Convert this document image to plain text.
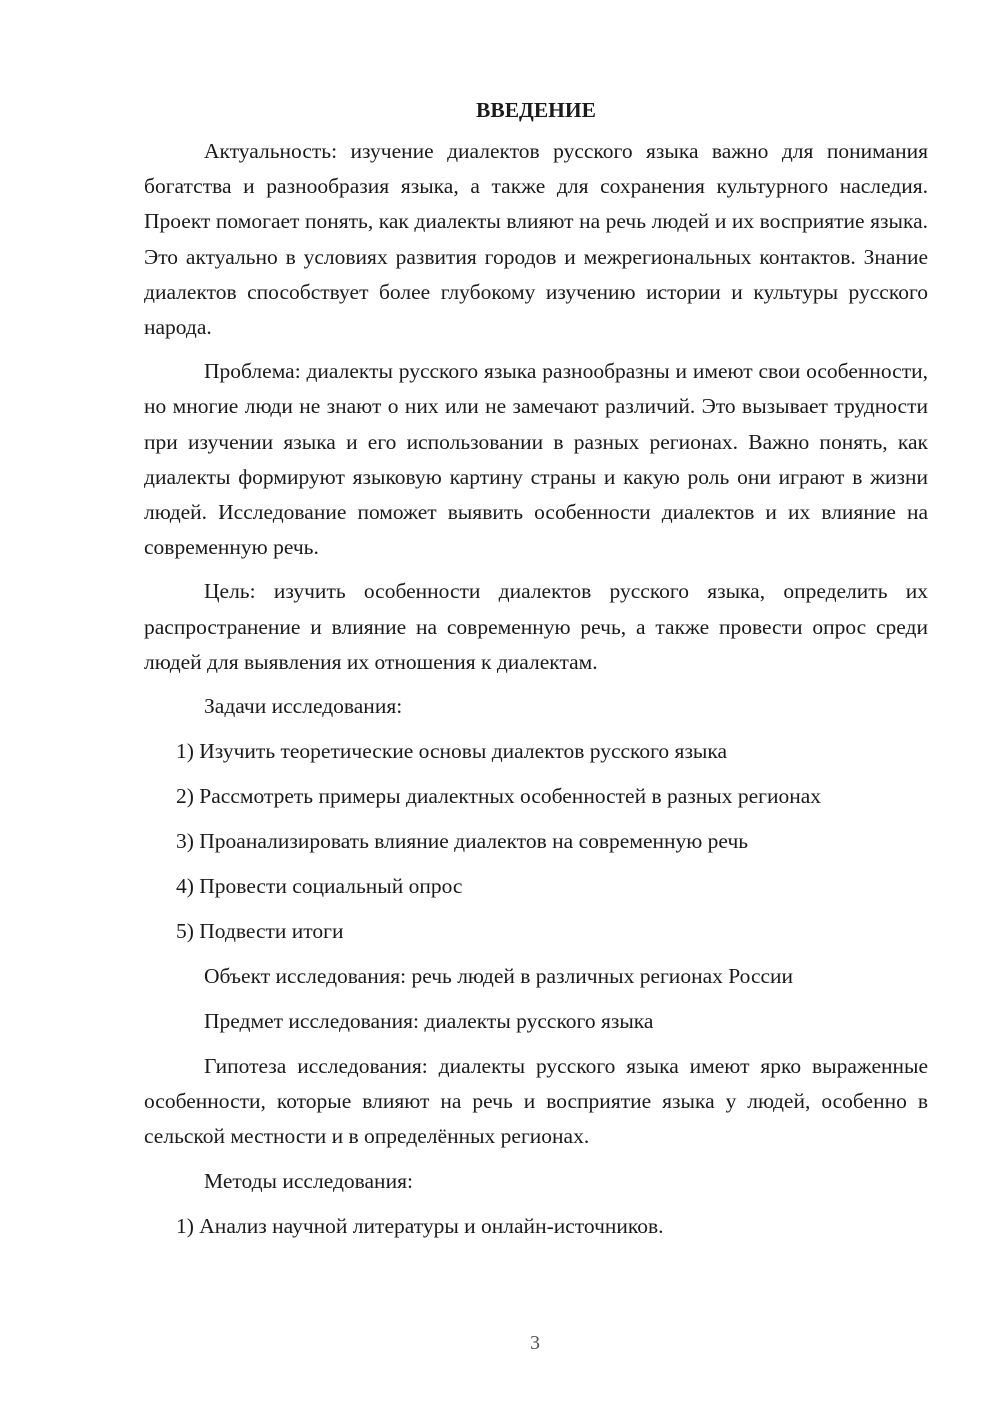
ВВЕДЕНИЕ

Актуальность: изучение диалектов русского языка важно для понимания богатства и разнообразия языка, а также для сохранения культурного наследия. Проект помогает понять, как диалекты влияют на речь людей и их восприятие языка. Это актуально в условиях развития городов и межрегиональных контактов. Знание диалектов способствует более глубокому изучению истории и культуры русского народа.

Проблема: диалекты русского языка разнообразны и имеют свои особенности, но многие люди не знают о них или не замечают различий. Это вызывает трудности при изучении языка и его использовании в разных регионах. Важно понять, как диалекты формируют языковую картину страны и какую роль они играют в жизни людей. Исследование поможет выявить особенности диалектов и их влияние на современную речь.

Цель: изучить особенности диалектов русского языка, определить их распространение и влияние на современную речь, а также провести опрос среди людей для выявления их отношения к диалектам.

Задачи исследования:
1) Изучить теоретические основы диалектов русского языка
2) Рассмотреть примеры диалектных особенностей в разных регионах
3) Проанализировать влияние диалектов на современную речь
4) Провести социальный опрос
5) Подвести итоги
Объект исследования: речь людей в различных регионах России
Предмет исследования: диалекты русского языка

Гипотеза исследования: диалекты русского языка имеют ярко выраженные особенности, которые влияют на речь и восприятие языка у людей, особенно в сельской местности и в определённых регионах.

Методы исследования:
1) Анализ научной литературы и онлайн-источников.
3
